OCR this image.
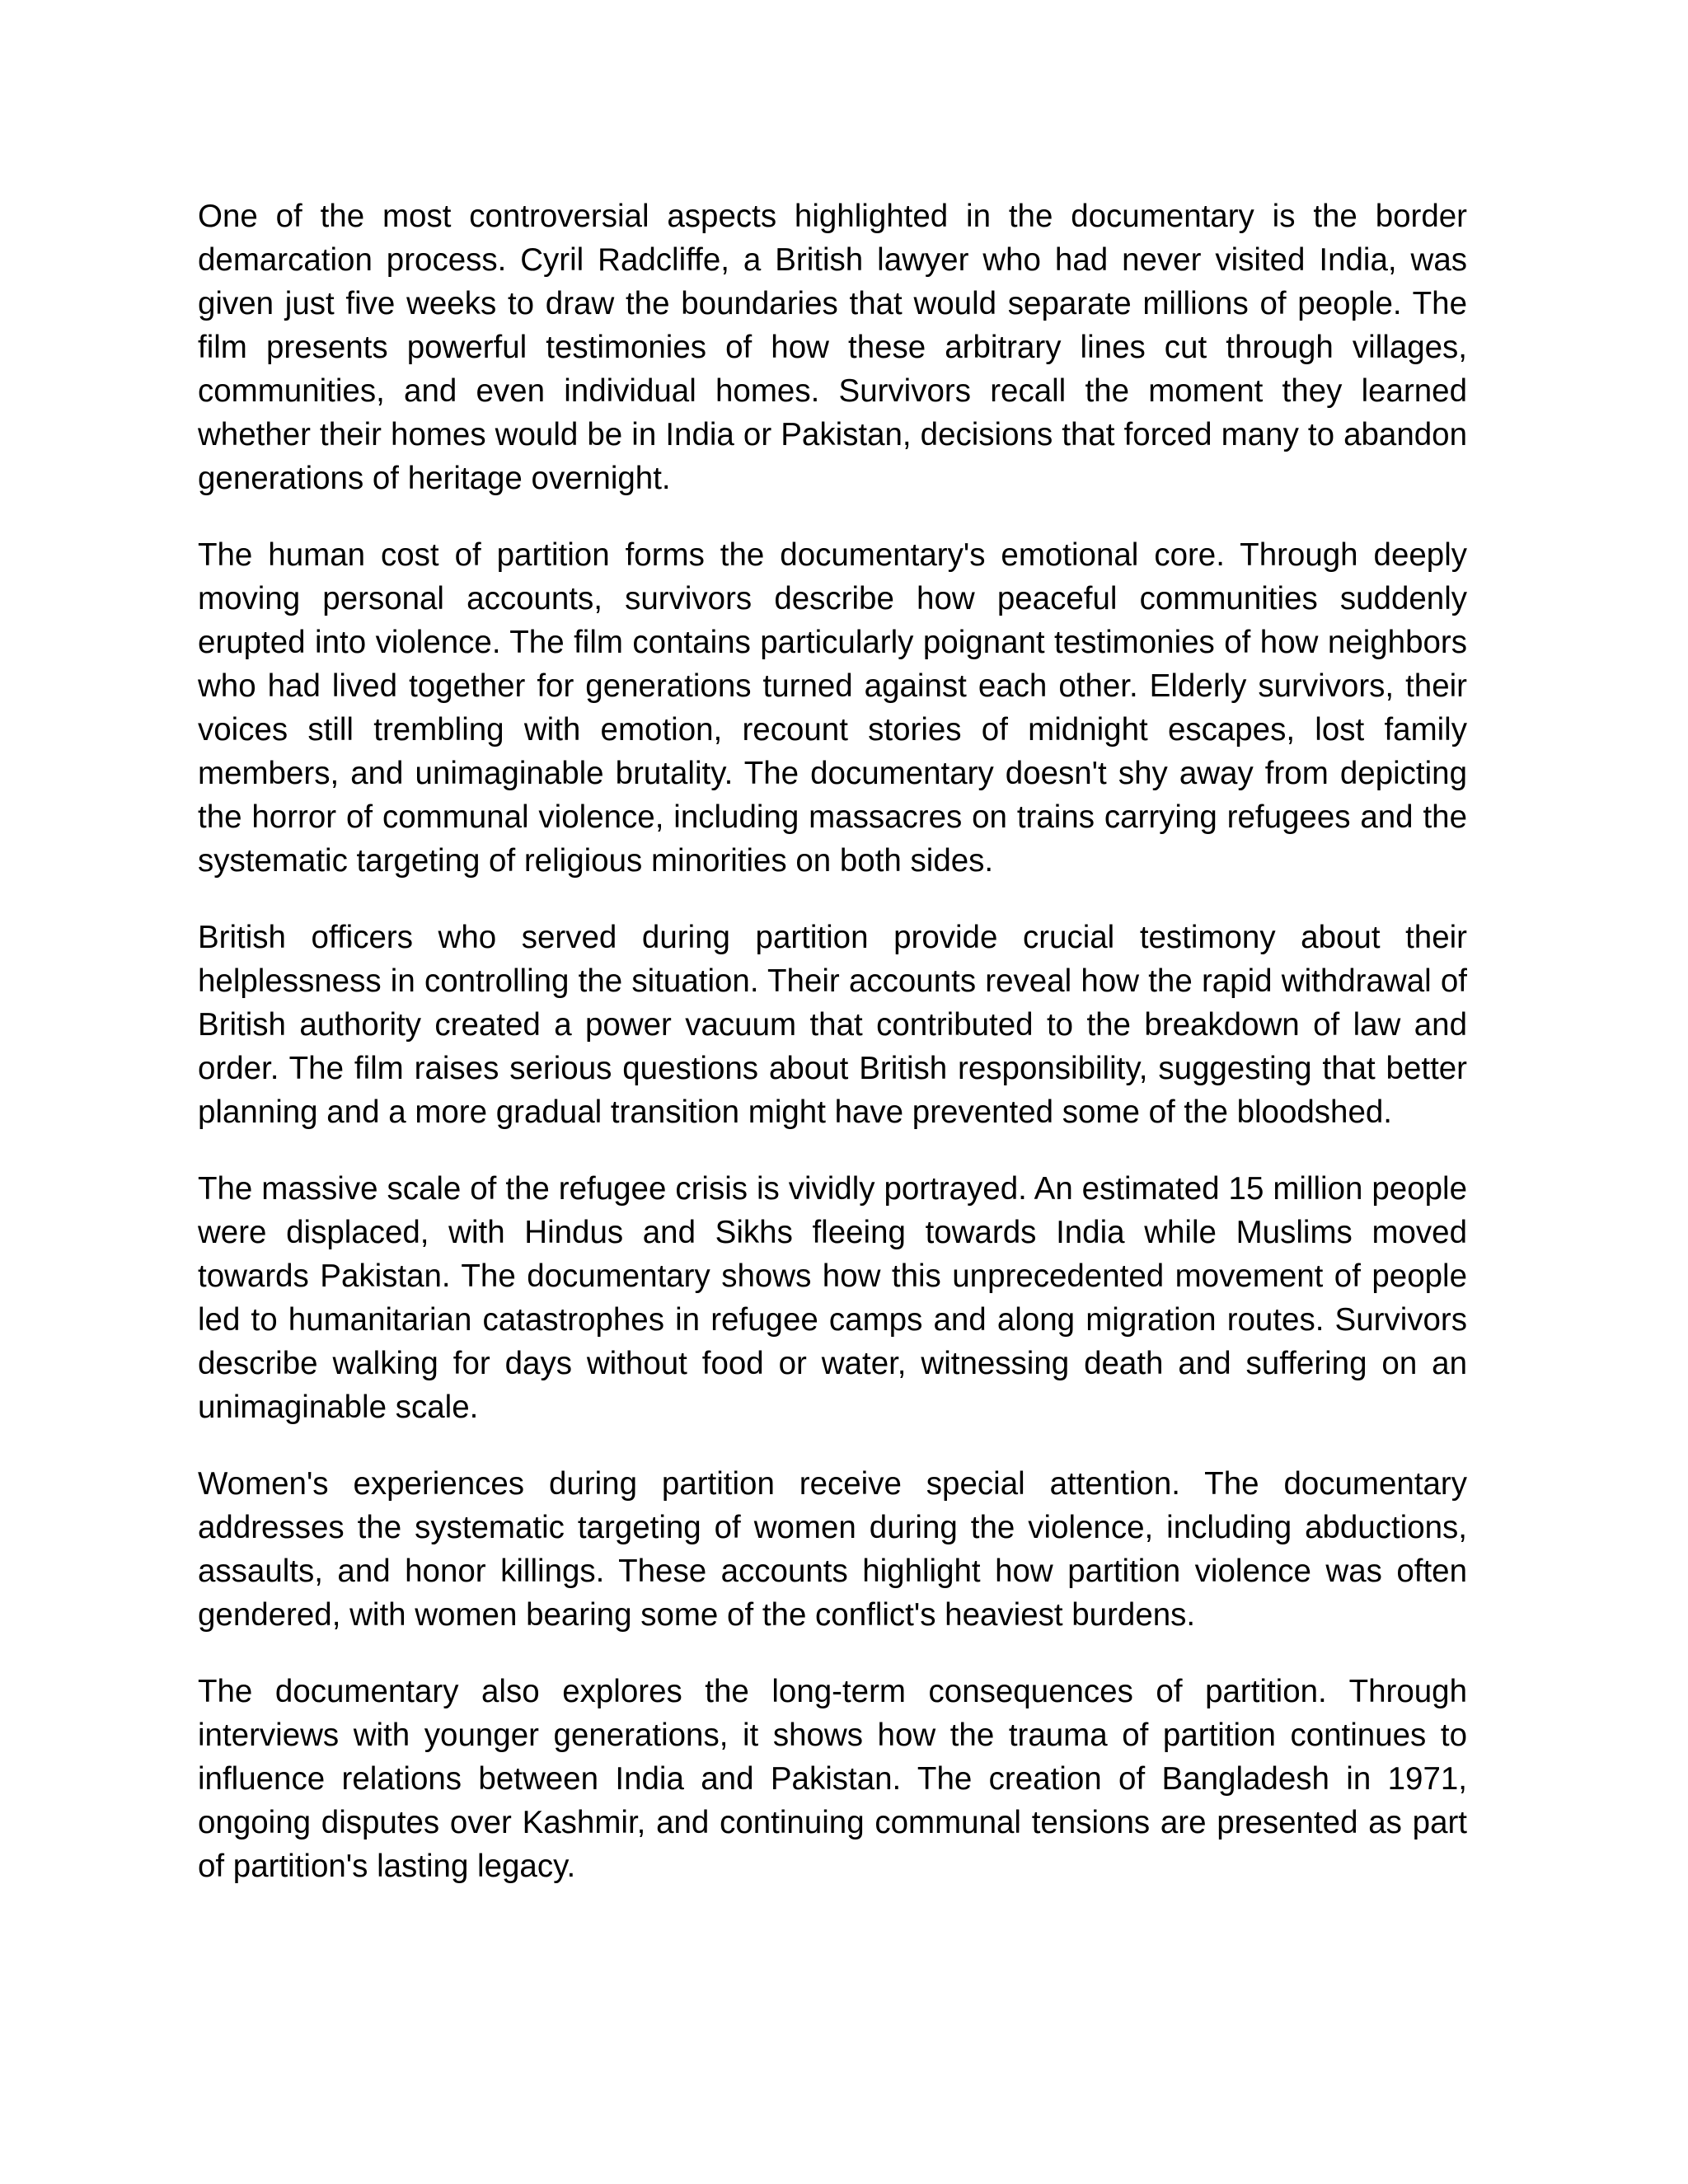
One of the most controversial aspects highlighted in the documentary is the border demarcation process. Cyril Radcliffe, a British lawyer who had never visited India, was given just five weeks to draw the boundaries that would separate millions of people. The film presents powerful testimonies of how these arbitrary lines cut through villages, communities, and even individual homes. Survivors recall the moment they learned whether their homes would be in India or Pakistan, decisions that forced many to abandon generations of heritage overnight.

The human cost of partition forms the documentary's emotional core. Through deeply moving personal accounts, survivors describe how peaceful communities suddenly erupted into violence. The film contains particularly poignant testimonies of how neighbors who had lived together for generations turned against each other. Elderly survivors, their voices still trembling with emotion, recount stories of midnight escapes, lost family members, and unimaginable brutality. The documentary doesn't shy away from depicting the horror of communal violence, including massacres on trains carrying refugees and the systematic targeting of religious minorities on both sides.

British officers who served during partition provide crucial testimony about their helplessness in controlling the situation. Their accounts reveal how the rapid withdrawal of British authority created a power vacuum that contributed to the breakdown of law and order. The film raises serious questions about British responsibility, suggesting that better planning and a more gradual transition might have prevented some of the bloodshed.

The massive scale of the refugee crisis is vividly portrayed. An estimated 15 million people were displaced, with Hindus and Sikhs fleeing towards India while Muslims moved towards Pakistan. The documentary shows how this unprecedented movement of people led to humanitarian catastrophes in refugee camps and along migration routes. Survivors describe walking for days without food or water, witnessing death and suffering on an unimaginable scale.

Women's experiences during partition receive special attention. The documentary addresses the systematic targeting of women during the violence, including abductions, assaults, and honor killings. These accounts highlight how partition violence was often gendered, with women bearing some of the conflict's heaviest burdens.

The documentary also explores the long-term consequences of partition. Through interviews with younger generations, it shows how the trauma of partition continues to influence relations between India and Pakistan. The creation of Bangladesh in 1971, ongoing disputes over Kashmir, and continuing communal tensions are presented as part of partition's lasting legacy.
